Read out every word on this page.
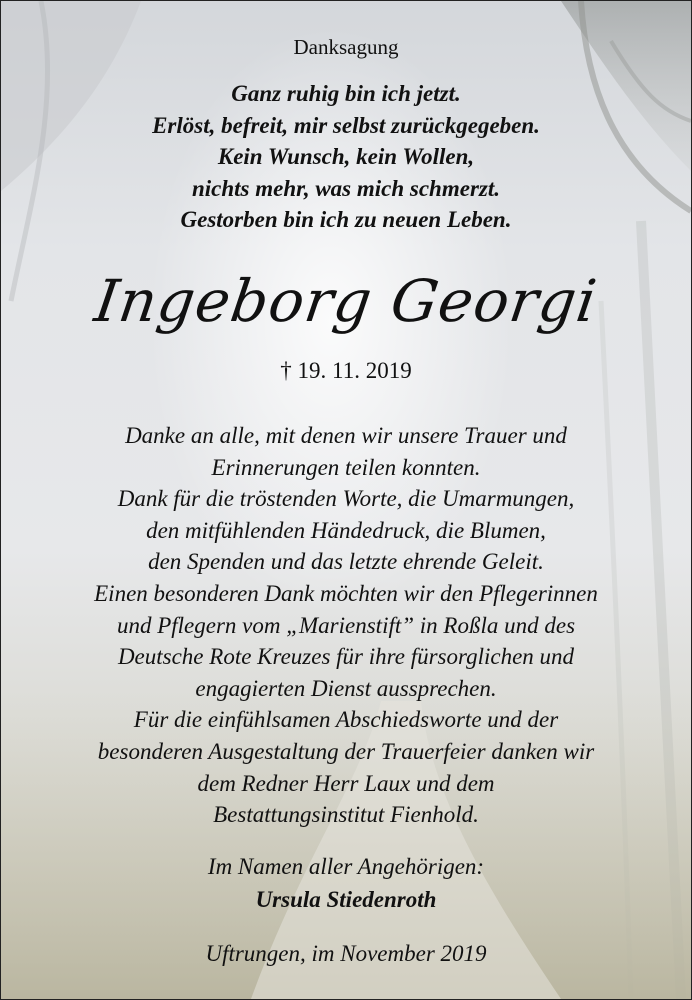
Danksagung
Ganz ruhig bin ich jetzt.
Erlöst, befreit, mir selbst zurückgegeben.
Kein Wunsch, kein Wollen,
nichts mehr, was mich schmerzt.
Gestorben bin ich zu neuen Leben.
Ingeborg Georgi
† 19. 11. 2019
Danke an alle, mit denen wir unsere Trauer und
Erinnerungen teilen konnten.
Dank für die tröstenden Worte, die Umarmungen,
den mitfühlenden Händedruck, die Blumen,
den Spenden und das letzte ehrende Geleit.
Einen besonderen Dank möchten wir den Pflegerinnen
und Pflegern vom „Marienstift” in Roßla und des
Deutsche Rote Kreuzes für ihre fürsorglichen und
engagierten Dienst aussprechen.
Für die einfühlsamen Abschiedsworte und der
besonderen Ausgestaltung der Trauerfeier danken wir
dem Redner Herr Laux und dem
Bestattungsinstitut Fienhold.
Im Namen aller Angehörigen:
Ursula Stiedenroth
Uftrungen, im November 2019
